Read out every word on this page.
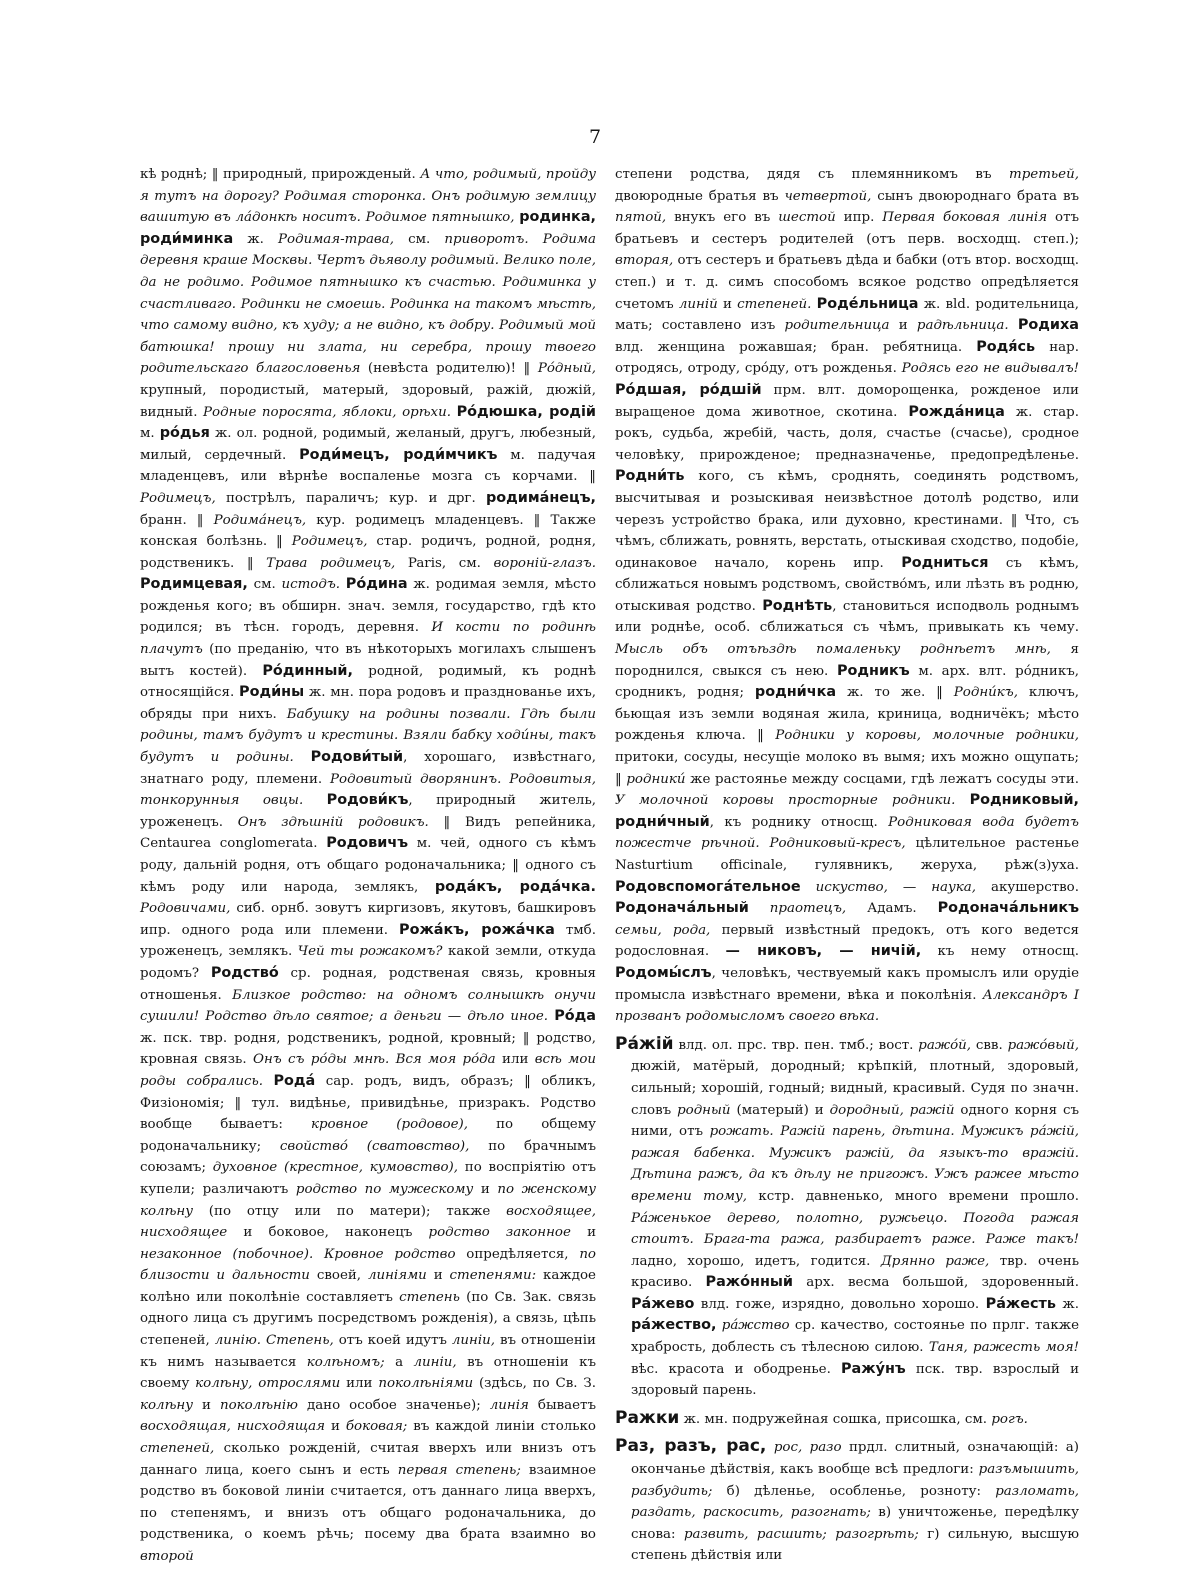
7

кѣ роднѣ; ‖ природный, прирожденый. А что, родимый, пройду я тутъ на дорогу? Родимая сторонка. Онъ родимую землицу вашитую въ ла́донкѣ носитъ. Родимое пятнышко, родинка, роди́минка ж. Родимая-трава, см. приворотъ. Родима деревня краше Москвы. Чертъ дьяволу родимый. Велико поле, да не родимо. Родимое пятнышко къ счастью. Родиминка у счастливаго. Родинки не смоешь. Родинка на такомъ мѣстѣ, что самому видно, къ худу; а не видно, къ добру. Родимый мой батюшка! прошу ни злата, ни серебра, прошу твоего родительскаго благословенья (невѣста родителю)! ‖ Ро́дный, крупный, породистый, матерый, здоровый, ражій, дюжій, видный. Родные поросята, яблоки, орѣхи. Ро́дюшка, родій м. ро́дья ж. ол. родной, родимый, желаный, другъ, любезный, милый, сердечный. Роди́мецъ, роди́мчикъ м. падучая младенцевъ, или вѣрнѣе воспаленье мозга съ корчами. ‖ Родимецъ, пострѣлъ, параличъ; кур. и дрг. родима́нецъ, бранн. ‖ Родима́нецъ, кур. родимецъ младенцевъ. ‖ Также конская болѣзнь. ‖ Родимецъ, стар. родичъ, родной, родня, родственикъ. ‖ Трава родимецъ, Paris, см. воронiй-глазъ. Родимцевая, см. истодъ. Ро́дина ж. родимая земля, мѣсто рожденья кого; въ обширн. знач. земля, государство, гдѣ кто родился; въ тѣсн. городъ, деревня. И кости по родинѣ плачутъ (по преданію, что въ нѣкоторыхъ могилахъ слышенъ вытъ костей). Ро́динный, родной, родимый, къ роднѣ относящійся. Роди́ны ж. мн. пора родовъ и празднованье ихъ, обряды при нихъ. Бабушку на родины позвали. Гдѣ были родины, тамъ будутъ и крестины. Взяли бабку ходи́ны, такъ будутъ и родины. Родови́тый, хорошаго, извѣстнаго, знатнаго роду, племени. Родовитый дворянинъ. Родовитыя, тонкорунныя овцы. Родови́къ, природный житель, уроженецъ. Онъ здѣшній родовикъ. ‖ Видъ репейника, Centaurea conglomerata. Родовичъ м. чей, одного съ кѣмъ роду, дальній родня, отъ общаго родоначальника; ‖ одного съ кѣмъ роду или народа, землякъ, рода́къ, рода́чка. Родовичами, сиб. орнб. зовутъ киргизовъ, якутовъ, башкировъ ипр. одного рода или племени. Рожа́къ, рожа́чка тмб. уроженецъ, землякъ. Чей ты рожакомъ? какой земли, откуда родомъ? Родство́ ср. родная, родственая связь, кровныя отношенья. Близкое родство: на одномъ солнышкѣ онучи сушили! Родство дѣло святое; а деньги — дѣло иное. Ро́да ж. пск. твр. родня, родственикъ, родной, кровный; ‖ родство, кровная связь. Онъ съ ро́ды мнѣ. Вся моя ро́да или всѣ мои роды собрались. Рода́ сар. родъ, видъ, образъ; ‖ обликъ, Физіономія; ‖ тул. видѣнье, привидѣнье, призракъ. Родство вообще бываетъ: кровное (родовое), по общему родоначальнику; свойство́ (сватовство), по брачнымъ союзамъ; духовное (крестное, кумовство), по воспріятію отъ купели; различаютъ родство по мужескому и по женскому колѣну (по отцу или по матери); также восходящее, нисходящее и боковое, наконецъ родство законное и незаконное (побочное). Кровное родство опредѣляется, по близости и дальности своей, линіями и степенями: каждое колѣно или поколѣніе составляетъ степень (по Св. Зак. связь одного лица съ другимъ посредствомъ рожденія), а связь, цѣпь степеней, линію. Степень, отъ коей идутъ линіи, въ отношеніи къ нимъ называется колѣномъ; а линіи, въ отношеніи къ своему колѣну, отрослями или поколѣніями (здѣсь, по Св. З. колѣну и поколѣнію дано особое значенье); линія бываетъ восходящая, нисходящая и боковая; въ каждой линіи столько степеней, сколько рожденій, считая вверхъ или внизъ отъ даннаго лица, коего сынъ и есть первая степень; взаимное родство въ боковой линіи считается, отъ даннаго лица вверхъ, по степенямъ, и внизъ отъ общаго родоначальника, до родственика, о коемъ рѣчь; посему два брата взаимно во второй

степени родства, дядя съ племянникомъ въ третьей, двоюродные братья въ четвертой, сынъ двоюроднаго брата въ пятой, внукъ его въ шестой ипр. Первая боковая линія отъ братьевъ и сестеръ родителей (отъ перв. восходщ. степ.); вторая, отъ сестеръ и братьевъ дѣда и бабки (отъ втор. восходщ. степ.) и т. д. симъ способомъ всякое родство опредѣляется счетомъ линій и степеней. Роде́льница ж. вld. родительница, мать; составлено изъ родительница и радѣльница. Родиха влд. женщина рожавшая; бран. ребятница. Родя́сь нар. отродясь, отроду, сро́ду, отъ рожденья. Родясь его не видывалъ! Ро́дшая, ро́дшій прм. влт. доморощенка, рожденое или выращеное дома животное, скотина. Рожда́ница ж. стар. рокъ, судьба, жребій, часть, доля, счастье (счасье), сродное человѣку, прирожденое; предназначенье, предопредѣленье. Родни́ть кого, съ кѣмъ, сроднять, соединять родствомъ, высчитывая и розыскивая неизвѣстное дотолѣ родство, или черезъ устройство брака, или духовно, крестинами. ‖ Что, съ чѣмъ, сближать, ровнять, верстать, отыскивая сходство, подобіе, одинаковое начало, корень ипр. Родниться съ кѣмъ, сближаться новымъ родствомъ, свойство́мъ, или лѣзть въ родню, отыскивая родство. Роднѣть, становиться исподволь роднымъ или роднѣе, особ. сближаться съ чѣмъ, привыкать къ чему. Мысль объ отъѣздѣ помаленьку роднѣетъ мнѣ, я породнился, свыкся съ нею. Родникъ м. арх. влт. ро́дникъ, сродникъ, родня; родни́чка ж. то же. ‖ Родни́къ, ключъ, бьющая изъ земли водяная жила, криница, водничёкъ; мѣсто рожденья ключа. ‖ Родники у коровы, молочные родники, притоки, сосуды, несущіе молоко въ вымя; ихъ можно ощупать; ‖ родники́ же растоянье между сосцами, гдѣ лежатъ сосуды эти. У молочной коровы просторные родники. Родниковый, родни́чный, къ роднику относщ. Родниковая вода будетъ пожестче рѣчной. Родниковый-кресъ, цѣлительное растенье Nasturtium officinale, гулявникъ, жеруха, рѣж(з)уха. Родовспомога́тельное искуство, — наука, акушерство. Родонача́льный праотецъ, Адамъ. Родонача́льникъ семьи, рода, первый извѣстный предокъ, отъ кого ведется родословная. — никовъ, — ничій, къ нему относщ. Родомы́слъ, человѣкъ, чествуемый какъ промыслъ или орудіе промысла извѣстнаго времени, вѣка и поколѣнія. Александръ I прозванъ родомысломъ своего вѣка.

Ра́жій влд. ол. прс. твр. пен. тмб.; вост. ражо́й, свв. ражо́вый, дюжій, матёрый, дородный; крѣпкій, плотный, здоровый, сильный; хорошій, годный; видный, красивый. Судя по значн. словъ родный (матерый) и дородный, ражій одного корня съ ними, отъ рожать. Ражій парень, дѣтина. Мужикъ ра́жій, ражая бабенка. Мужикъ ражій, да языкъ-то вражій. Дѣтина ражъ, да къ дѣлу не пригожъ. Ужъ ражее мѣсто времени тому, кстр. давненько, много времени прошло. Ра́женькое дерево, полотно, ружьецо. Погода ражая стоитъ. Брага-та ража, разбираетъ раже. Раже такъ! ладно, хорошо, идетъ, годится. Дрянно раже, твр. очень красиво. Ражо́нный арх. весма большой, здоровенный. Ра́жево влд. гоже, изрядно, довольно хорошо. Ра́жесть ж. ра́жество, ра́жство ср. качество, состоянье по прлг. также храбрость, доблесть съ тѣлесною силою. Таня, ражесть моя! вѣс. красота и ободренье. Ражу́нъ пск. твр. взрослый и здоровый парень.

Ражки ж. мн. подружейная сошка, присошка, см. рогъ.

Раз, разъ, рас, рос, разо прдл. слитный, означающій: а) окончанье дѣйствія, какъ вообще всѣ предлоги: разъмышить, разбудить; б) дѣленье, особленье, розноту: разломать, раздать, раскосить, разогнать; в) уничтоженье, передѣлку снова: развить, расшить; разогрѣть; г) сильную, высшую степень дѣйствія или
